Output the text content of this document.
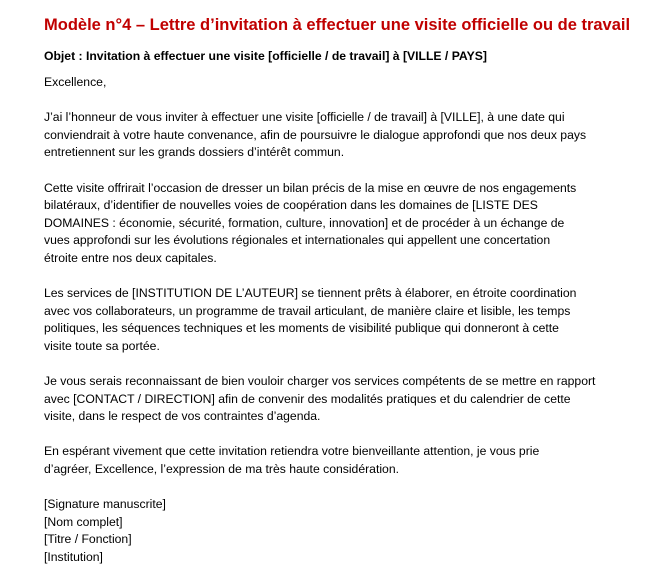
Modèle n°4 – Lettre d’invitation à effectuer une visite officielle ou de travail

Objet : Invitation à effectuer une visite [officielle / de travail] à [VILLE / PAYS]

Excellence,

J’ai l’honneur de vous inviter à effectuer une visite [officielle / de travail] à [VILLE], à une date qui
conviendrait à votre haute convenance, afin de poursuivre le dialogue approfondi que nos deux pays
entretiennent sur les grands dossiers d’intérêt commun.

Cette visite offrirait l’occasion de dresser un bilan précis de la mise en œuvre de nos engagements
bilatéraux, d’identifier de nouvelles voies de coopération dans les domaines de [LISTE DES
DOMAINES : économie, sécurité, formation, culture, innovation] et de procéder à un échange de
vues approfondi sur les évolutions régionales et internationales qui appellent une concertation
étroite entre nos deux capitales.

Les services de [INSTITUTION DE L’AUTEUR] se tiennent prêts à élaborer, en étroite coordination
avec vos collaborateurs, un programme de travail articulant, de manière claire et lisible, les temps
politiques, les séquences techniques et les moments de visibilité publique qui donneront à cette
visite toute sa portée.

Je vous serais reconnaissant de bien vouloir charger vos services compétents de se mettre en rapport
avec [CONTACT / DIRECTION] afin de convenir des modalités pratiques et du calendrier de cette
visite, dans le respect de vos contraintes d’agenda.

En espérant vivement que cette invitation retiendra votre bienveillante attention, je vous prie
d’agréer, Excellence, l’expression de ma très haute considération.

[Signature manuscrite]
[Nom complet]
[Titre / Fonction]
[Institution]
